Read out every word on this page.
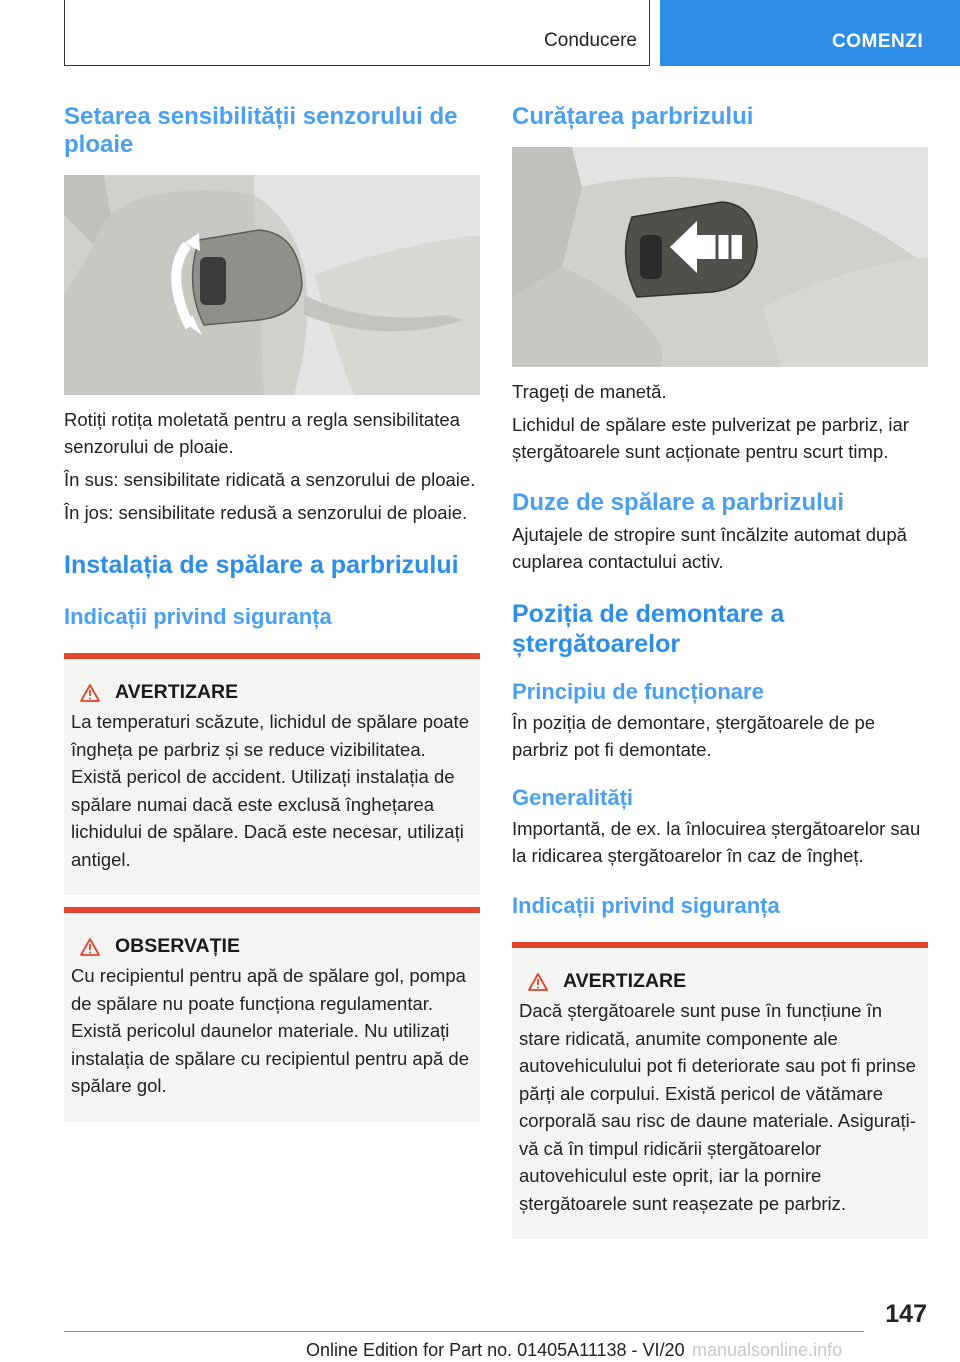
Conducere	COMENZI
Setarea sensibilității senzorului de ploaie

Rotiți rotița moletată pentru a regla sensibilitatea senzorului de ploaie.

În sus: sensibilitate ridicată a senzorului de ploaie.

În jos: sensibilitate redusă a senzorului de ploaie.

Instalația de spălare a parbrizului
Indicații privind siguranța
AVERTIZARE

La temperaturi scăzute, lichidul de spălare poate îngheța pe parbriz și se reduce vizibilitatea. Există pericol de accident. Utilizați instalația de spălare numai dacă este exclusă înghețarea lichidului de spălare. Dacă este necesar, utilizați antigel.

OBSERVAȚIE

Cu recipientul pentru apă de spălare gol, pompa de spălare nu poate funcționa regulamentar. Există pericolul daunelor materiale. Nu utilizați instalația de spălare cu recipientul pentru apă de spălare gol.

Curățarea parbrizului

Trageți de manetă.

Lichidul de spălare este pulverizat pe parbriz, iar ștergătoarele sunt acționate pentru scurt timp.

Duze de spălare a parbrizului

Ajutajele de stropire sunt încălzite automat după cuplarea contactului activ.

Poziția de demontare a ștergătoarelor
Principiu de funcționare

În poziția de demontare, ștergătoarele de pe parbriz pot fi demontate.

Generalități

Importantă, de ex. la înlocuirea ștergătoarelor sau la ridicarea ștergătoarelor în caz de îngheț.

Indicații privind siguranța
AVERTIZARE

Dacă ștergătoarele sunt puse în funcțiune în stare ridicată, anumite componente ale autovehiculului pot fi deteriorate sau pot fi prinse părți ale corpului. Există pericol de vătămare corporală sau risc de daune materiale. Asigurați-vă că în timpul ridicării ștergătoarelor autovehiculul este oprit, iar la pornire ștergătoarele sunt reașezate pe parbriz.

147
Online Edition for Part no. 01405A11138 - VI/20 manualsonline.info
